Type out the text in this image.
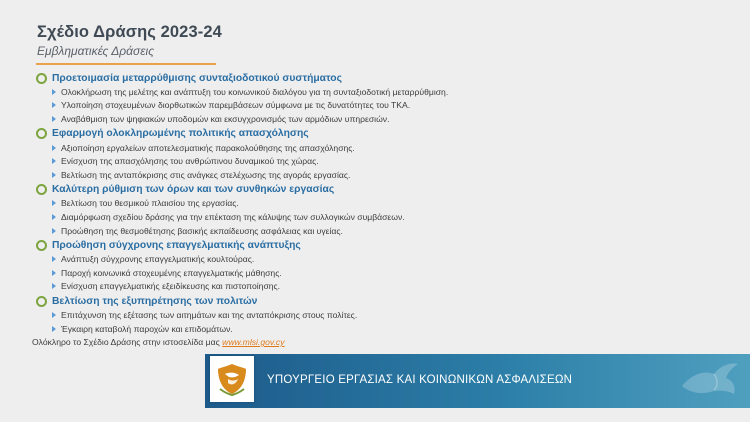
Σχέδιο Δράσης 2023-24
Εμβληματικές Δράσεις
Προετοιμασία μεταρρύθμισης συνταξιοδοτικού συστήματος
Ολοκλήρωση της μελέτης και ανάπτυξη του κοινωνικού διαλόγου για τη συνταξιοδοτική μεταρρύθμιση.
Υλοποίηση στοχευμένων διορθωτικών παρεμβάσεων σύμφωνα με τις δυνατότητες του ΤΚΑ.
Αναβάθμιση των ψηφιακών υποδομών και εκσυγχρονισμός των αρμόδιων υπηρεσιών.
Εφαρμογή ολοκληρωμένης πολιτικής απασχόλησης
Αξιοποίηση εργαλείων αποτελεσματικής παρακολούθησης της απασχόλησης.
Ενίσχυση της απασχόλησης του ανθρώπινου δυναμικού της χώρας.
Βελτίωση της ανταπόκρισης στις ανάγκες στελέχωσης της αγοράς εργασίας.
Καλύτερη ρύθμιση των όρων και των συνθηκών εργασίας
Βελτίωση του θεσμικού πλαισίου της εργασίας.
Διαμόρφωση σχεδίου δράσης για την επέκταση της κάλυψης των συλλογικών συμβάσεων.
Προώθηση της θεσμοθέτησης βασικής εκπαίδευσης ασφάλειας και υγείας.
Προώθηση σύγχρονης επαγγελματικής ανάπτυξης
Ανάπτυξη σύγχρονης επαγγελματικής κουλτούρας.
Παροχή κοινωνικά στοχευμένης επαγγελματικής μάθησης.
Ενίσχυση επαγγελματικής εξειδίκευσης και πιστοποίησης.
Βελτίωση της εξυπηρέτησης των πολιτών
Επιτάχυνση της εξέτασης των αιτημάτων και της ανταπόκρισης στους πολίτες.
Έγκαιρη καταβολή παροχών και επιδομάτων.
Ολόκληρο το Σχέδιο Δράσης στην ιστοσελίδα μας www.mlsi.gov.cy
ΥΠΟΥΡΓΕΙΟ ΕΡΓΑΣΙΑΣ ΚΑΙ ΚΟΙΝΩΝΙΚΩΝ ΑΣΦΑΛΙΣΕΩΝ
